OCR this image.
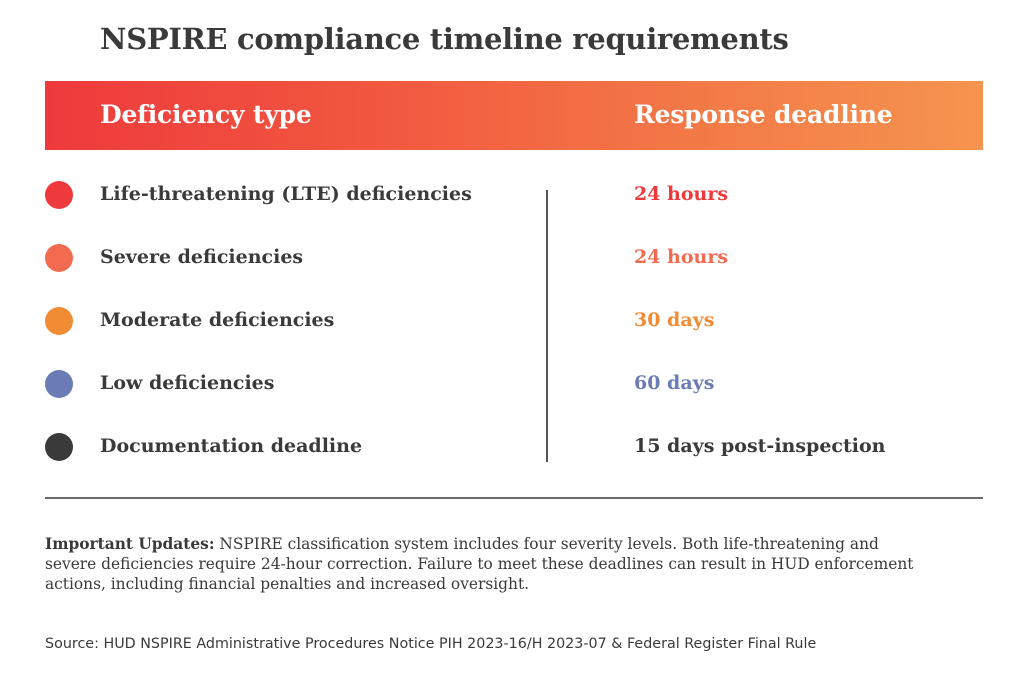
NSPIRE compliance timeline requirements
Deficiency type	Response deadline
Life-threatening (LTE) deficiencies	24 hours
Severe deficiencies	24 hours
Moderate deficiencies	30 days
Low deficiencies	60 days
Documentation deadline	15 days post-inspection
Important Updates: NSPIRE classification system includes four severity levels. Both life-threatening and severe deficiencies require 24-hour correction. Failure to meet these deadlines can result in HUD enforcement actions, including financial penalties and increased oversight.
Source: HUD NSPIRE Administrative Procedures Notice PIH 2023-16/H 2023-07 & Federal Register Final Rule
